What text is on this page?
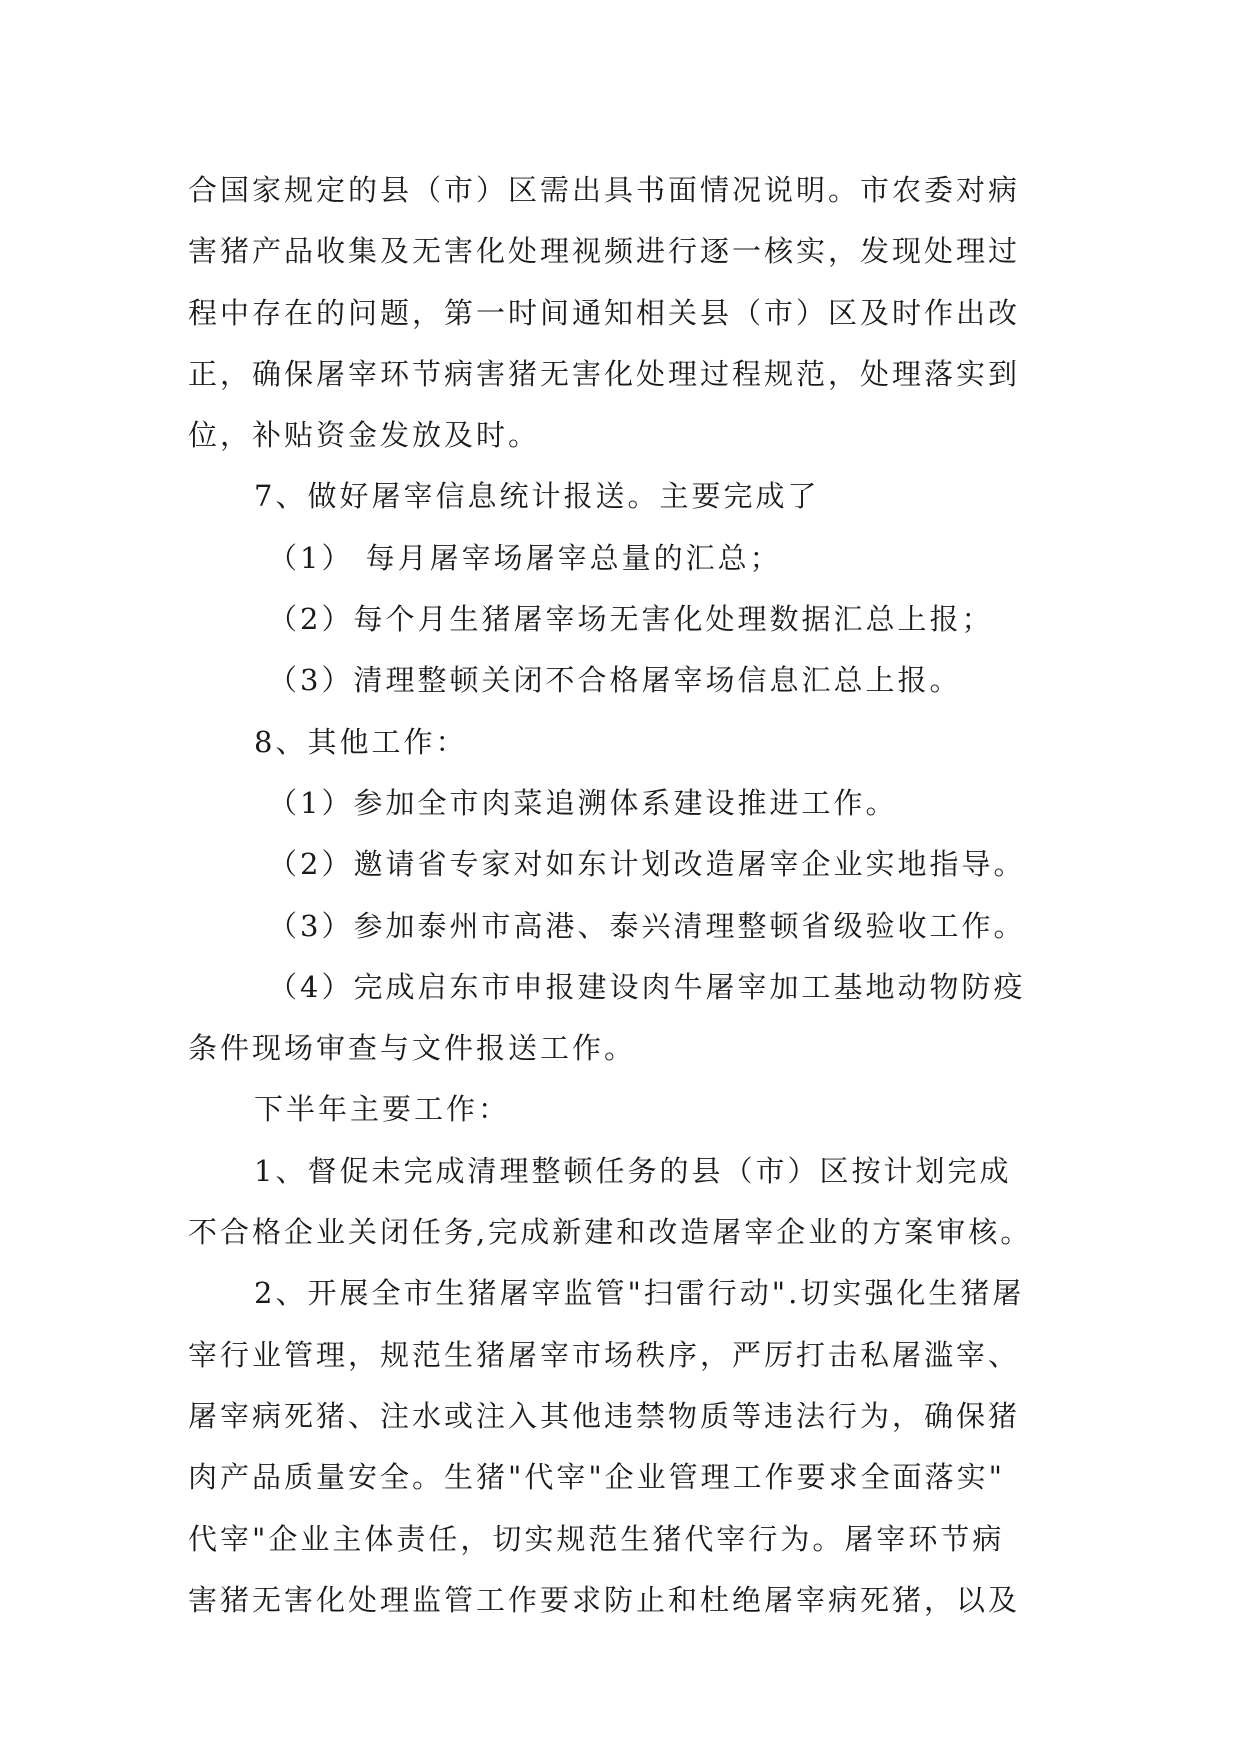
合国家规定的县（市）区需出具书面情况说明。市农委对病
害猪产品收集及无害化处理视频进行逐一核实，发现处理过
程中存在的问题，第一时间通知相关县（市）区及时作出改
正，确保屠宰环节病害猪无害化处理过程规范，处理落实到
位，补贴资金发放及时。
7、做好屠宰信息统计报送。主要完成了
（1） 每月屠宰场屠宰总量的汇总；
（2）每个月生猪屠宰场无害化处理数据汇总上报；
（3）清理整顿关闭不合格屠宰场信息汇总上报。
8、其他工作：
（1）参加全市肉菜追溯体系建设推进工作。
（2）邀请省专家对如东计划改造屠宰企业实地指导。
（3）参加泰州市高港、泰兴清理整顿省级验收工作。
（4）完成启东市申报建设肉牛屠宰加工基地动物防疫
条件现场审查与文件报送工作。
下半年主要工作：
1、督促未完成清理整顿任务的县（市）区按计划完成
不合格企业关闭任务,完成新建和改造屠宰企业的方案审核。
2、开展全市生猪屠宰监管"扫雷行动".切实强化生猪屠
宰行业管理，规范生猪屠宰市场秩序，严厉打击私屠滥宰、
屠宰病死猪、注水或注入其他违禁物质等违法行为，确保猪
肉产品质量安全。生猪"代宰"企业管理工作要求全面落实"
代宰"企业主体责任，切实规范生猪代宰行为。屠宰环节病
害猪无害化处理监管工作要求防止和杜绝屠宰病死猪，以及
